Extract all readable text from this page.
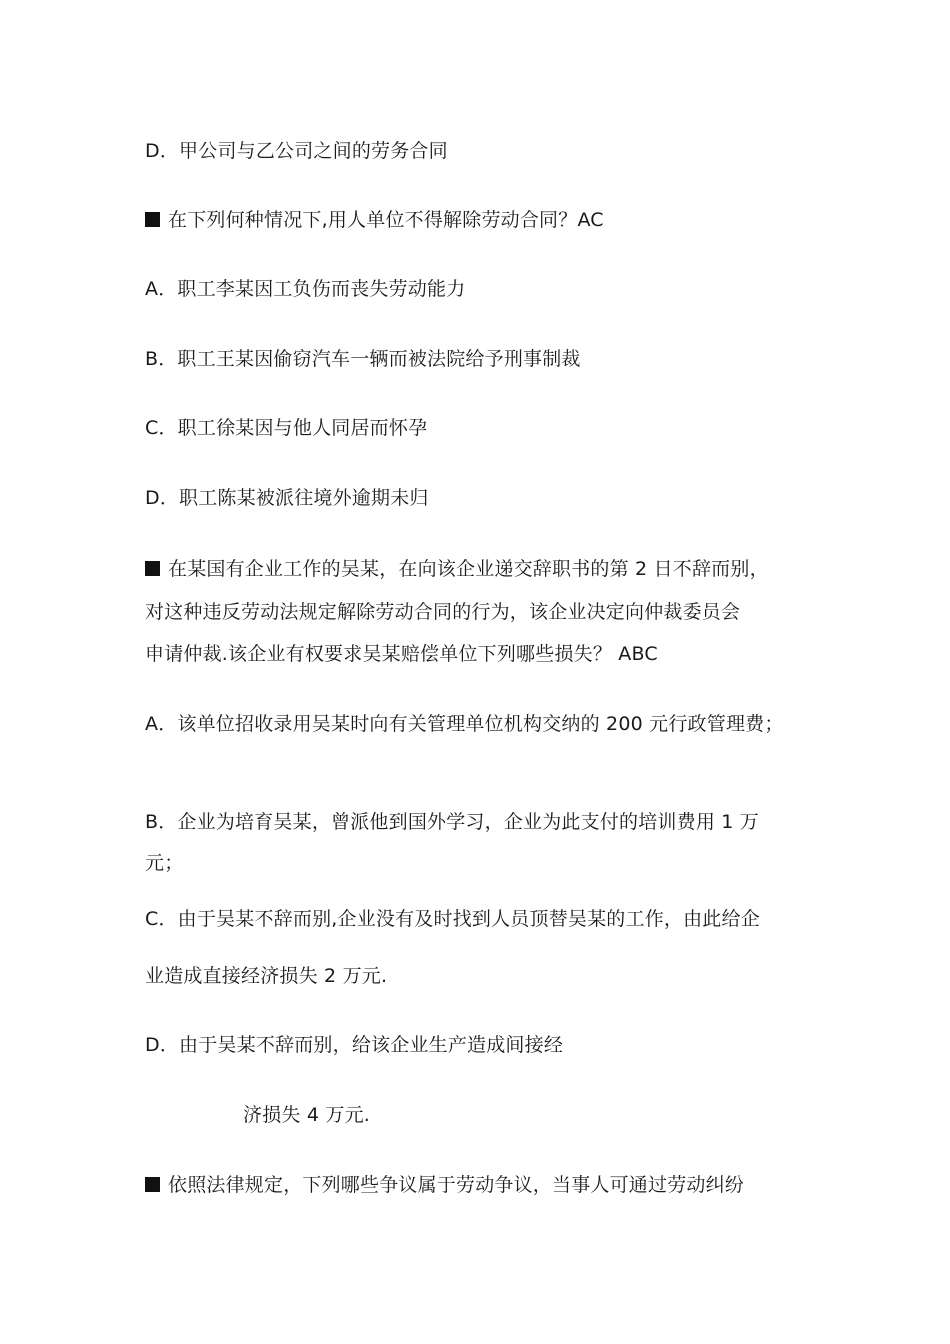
D．甲公司与乙公司之间的劳务合同
在下列何种情况下,用人单位不得解除劳动合同？AC
A．职工李某因工负伤而丧失劳动能力
B．职工王某因偷窃汽车一辆而被法院给予刑事制裁
C．职工徐某因与他人同居而怀孕
D．职工陈某被派往境外逾期未归
在某国有企业工作的吴某，在向该企业递交辞职书的第 2 日不辞而别，
对这种违反劳动法规定解除劳动合同的行为，该企业决定向仲裁委员会
申请仲裁.该企业有权要求吴某赔偿单位下列哪些损失？ ABC
A．该单位招收录用吴某时向有关管理单位机构交纳的 200 元行政管理费；
B．企业为培育吴某，曾派他到国外学习，企业为此支付的培训费用 1 万
元；
C．由于吴某不辞而别,企业没有及时找到人员顶替吴某的工作，由此给企
业造成直接经济损失 2 万元.
D．由于吴某不辞而别，给该企业生产造成间接经
济损失 4 万元.
依照法律规定，下列哪些争议属于劳动争议，当事人可通过劳动纠纷
